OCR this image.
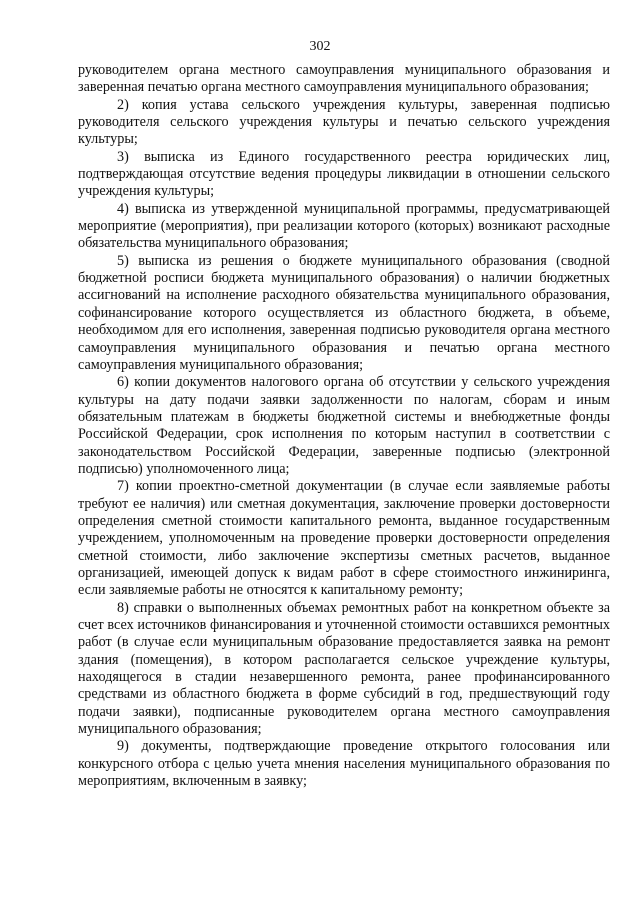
302

руководителем органа местного самоуправления муниципального образования и заверенная печатью органа местного самоуправления муниципального образования;

2) копия устава сельского учреждения культуры, заверенная подписью руководителя сельского учреждения культуры и печатью сельского учреждения культуры;

3) выписка из Единого государственного реестра юридических лиц, подтверждающая отсутствие ведения процедуры ликвидации в отношении сельского учреждения культуры;

4) выписка из утвержденной муниципальной программы, предусматривающей мероприятие (мероприятия), при реализации которого (которых) возникают расходные обязательства муниципального образования;

5) выписка из решения о бюджете муниципального образования (сводной бюджетной росписи бюджета муниципального образования) о наличии бюджетных ассигнований на исполнение расходного обязательства муниципального образования, софинансирование которого осуществляется из областного бюджета, в объеме, необходимом для его исполнения, заверенная подписью руководителя органа местного самоуправления муниципального образования и печатью органа местного самоуправления муниципального образования;

6) копии документов налогового органа об отсутствии у сельского учреждения культуры на дату подачи заявки задолженности по налогам, сборам и иным обязательным платежам в бюджеты бюджетной системы и внебюджетные фонды Российской Федерации, срок исполнения по которым наступил в соответствии с законодательством Российской Федерации, заверенные подписью (электронной подписью) уполномоченного лица;

7) копии проектно-сметной документации (в случае если заявляемые работы требуют ее наличия) или сметная документация, заключение проверки достоверности определения сметной стоимости капитального ремонта, выданное государственным учреждением, уполномоченным на проведение проверки достоверности определения сметной стоимости, либо заключение экспертизы сметных расчетов, выданное организацией, имеющей допуск к видам работ в сфере стоимостного инжиниринга, если заявляемые работы не относятся к капитальному ремонту;

8) справки о выполненных объемах ремонтных работ на конкретном объекте за счет всех источников финансирования и уточненной стоимости оставшихся ремонтных работ (в случае если муниципальным образование предоставляется заявка на ремонт здания (помещения), в котором располагается сельское учреждение культуры, находящегося в стадии незавершенного ремонта, ранее профинансированного средствами из областного бюджета в форме субсидий в год, предшествующий году подачи заявки), подписанные руководителем органа местного самоуправления муниципального образования;

9) документы, подтверждающие проведение открытого голосования или конкурсного отбора с целью учета мнения населения муниципального образования по мероприятиям, включенным в заявку;
